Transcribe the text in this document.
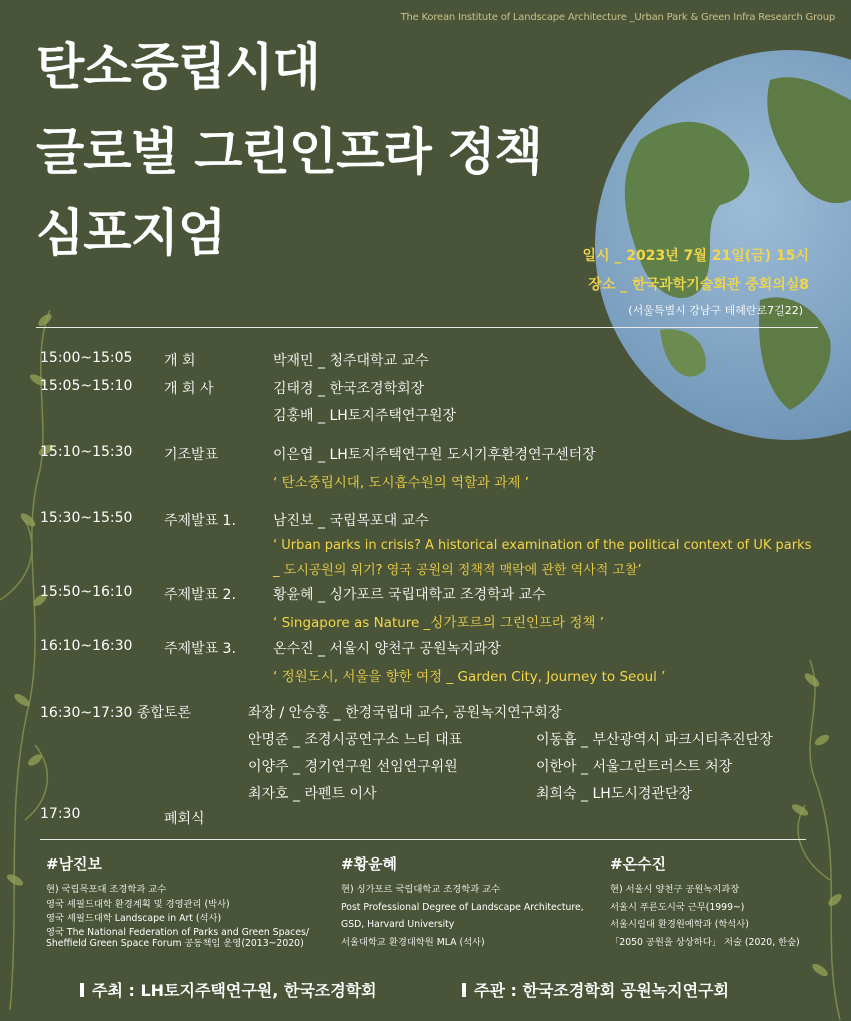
The Korean Institute of Landscape Architecture _Urban Park & Green Infra Research Group
탄소중립시대
글로벌 그린인프라 정책
심포지엄	일시 _ 2023년 7월 21일(금) 15시
장소 _ 한국과학기술회관 중회의실8
(서울특별시 강남구 테헤란로7길22)
15:00~15:05 개 회	박재민 _ 청주대학교 교수
15:05~15:10 개 회 사	김태경 _ 한국조경학회장
김홍배 _ LH토지주택연구원장
15:10~15:30 기조발표	이은엽 _ LH토지주택연구원 도시기후환경연구센터장
‘ 탄소중립시대, 도시흡수원의 역할과 과제 ’
15:30~15:50 주제발표 1.	남진보 _ 국립목포대 교수
‘ Urban parks in crisis? A historical examination of the political context of UK parks
_ 도시공원의 위기? 영국 공원의 정책적 맥락에 관한 역사적 고찰’
15:50~16:10 주제발표 2.	황윤혜 _ 싱가포르 국립대학교 조경학과 교수
‘ Singapore as Nature _싱가포르의 그린인프라 정책 ’
16:10~16:30 주제발표 3.	온수진 _ 서울시 양천구 공원녹지과장
‘ 정원도시, 서울을 향한 여정 _ Garden City, Journey to Seoul ’
16:30~17:30 종합토론	좌장 / 안승홍 _ 한경국립대 교수, 공원녹지연구회장
안명준 _ 조경시공연구소 느티 대표	이동흡 _ 부산광역시 파크시티추진단장
이양주 _ 경기연구원 선임연구위원	이한아 _ 서울그린트러스트 처장
최자호 _ 라펜트 이사	최희숙 _ LH도시경관단장
17:30	폐회식
#남진보
현) 국립목포대 조경학과 교수
영국 셰필드대학 환경계획 및 경영관리 (박사)
영국 셰필드대학 Landscape in Art (석사)
영국 The National Federation of Parks and Green Spaces/
Sheffield Green Space Forum 공동책임 운영(2013~2020)
#황윤혜
현) 싱가포르 국립대학교 조경학과 교수
Post Professional Degree of Landscape Architecture,
GSD, Harvard University
서울대학교 환경대학원 MLA (석사)
#온수진
현) 서울시 양천구 공원녹지과장
서울시 푸른도시국 근무(1999~)
서울시립대 환경원예학과 (학석사)
「2050 공원을 상상하다」 저술 (2020, 한숲)
주최 : LH토지주택연구원, 한국조경학회	주관 : 한국조경학회 공원녹지연구회
